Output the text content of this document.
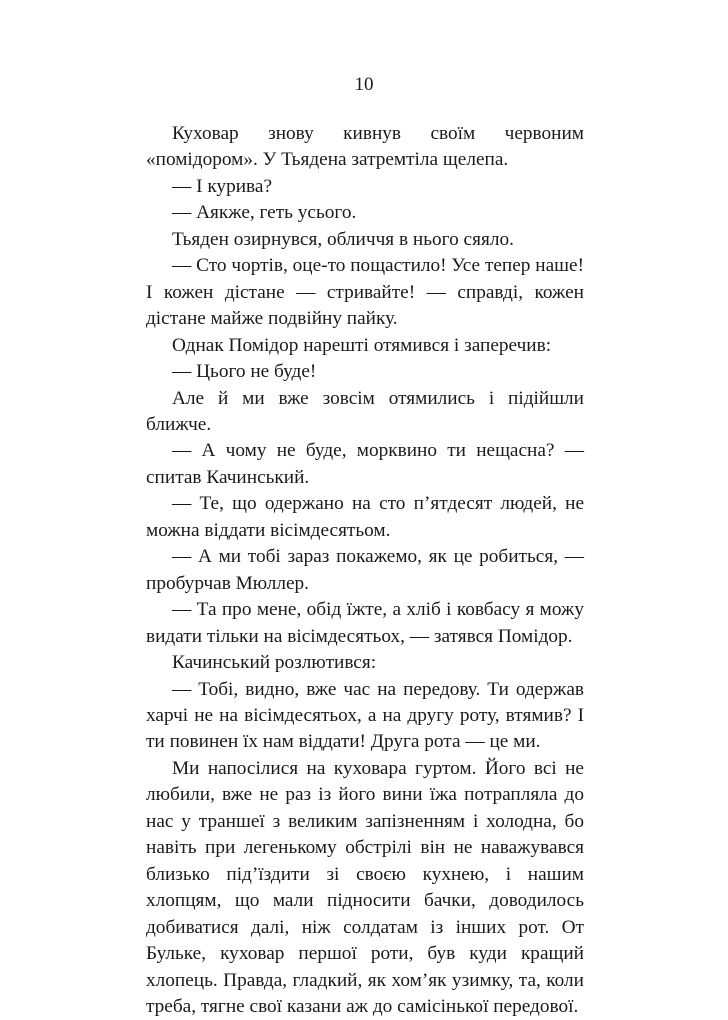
10

Куховар знову кивнув своїм червоним «помідором». У Тьядена затремтіла щелепа.

— І курива?

— Аякже, геть усього.

Тьяден озирнувся, обличчя в нього сяяло.

— Сто чортів, оце-то пощастило! Усе тепер наше! І кожен дістане — стривайте! — справді, кожен дістане майже подвійну пайку.

Однак Помідор нарешті отямився і заперечив:

— Цього не буде!

Але й ми вже зовсім отямились і підійшли ближче.

— А чому не буде, морквино ти нещасна? — спитав Качинський.

— Те, що одержано на сто п’ятдесят людей, не можна віддати вісімдесятьом.

— А ми тобі зараз покажемо, як це робиться, — пробурчав Мюллер.

— Та про мене, обід їжте, а хліб і ковбасу я можу видати тільки на вісімдесятьох, — затявся Помідор.

Качинський розлютився:

— Тобі, видно, вже час на передову. Ти одержав харчі не на вісімдесятьох, а на другу роту, втямив? І ти повинен їх нам віддати! Друга рота — це ми.

Ми напосілися на куховара гуртом. Його всі не любили, вже не раз із його вини їжа потрапляла до нас у траншеї з великим запізненням і холодна, бо навіть при легенькому обстрілі він не наважувався близько під’їздити зі своєю кухнею, і нашим хлопцям, що мали підносити бачки, доводилось добиватися далі, ніж солдатам із інших рот. От Бульке, куховар першої роти, був куди кращий хлопець. Правда, гладкий, як хом’як узимку, та, коли треба, тягне свої казани аж до самісінької передової.
